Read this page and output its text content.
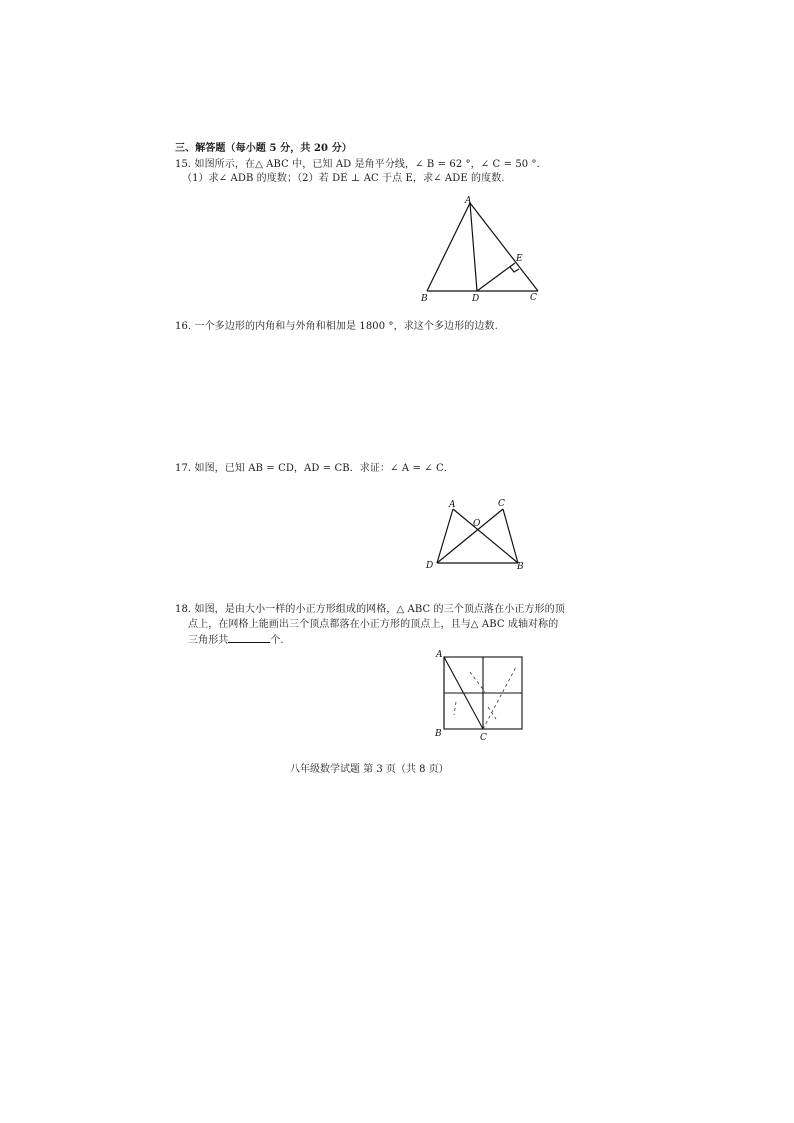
三、解答题（每小题 5 分，共 20 分）
15. 如图所示，在△ ABC 中，已知 AD 是角平分线，∠ B = 62 °，∠ C = 50 °．
（1）求∠ ADB 的度数；（2）若 DE ⊥ AC 于点 E，求∠ ADE 的度数.
A
B	D	C
E
16. 一个多边形的内角和与外角和相加是 1800 °，求这个多边形的边数.
17. 如图，已知 AB = CD，AD = CB．求证：∠ A = ∠ C．
A	C
O
D	B
18. 如图，是由大小一样的小正方形组成的网格，△ ABC 的三个顶点落在小正方形的顶
点上，在网格上能画出三个顶点都落在小正方形的顶点上，且与△ ABC 成轴对称的
三角形共	个.
A
B	C
八年级数学试题 第 3 页（共 8 页）
